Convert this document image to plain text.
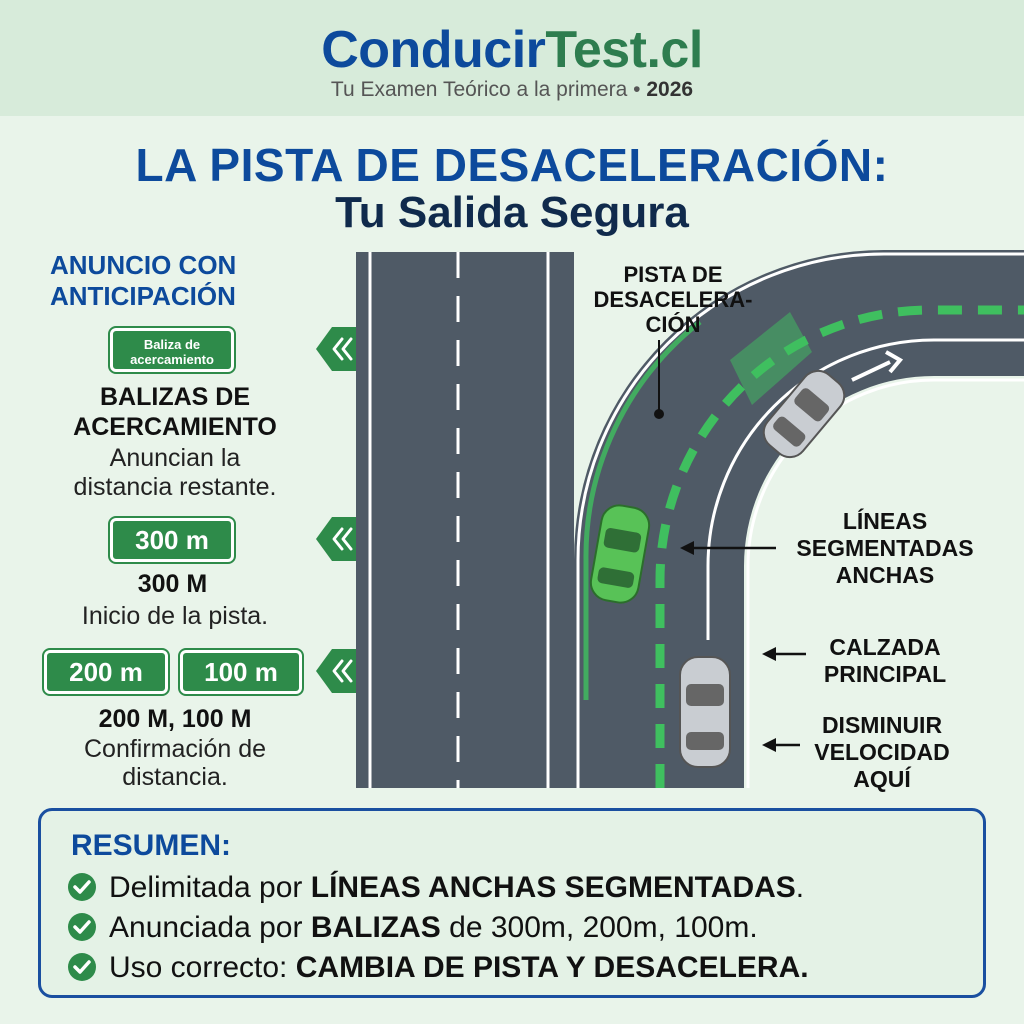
ConducirTest.cl
Tu Examen Teórico a la primera • 2026
LA PISTA DE DESACELERACIÓN:
Tu Salida Segura
ANUNCIO CON
ANTICIPACIÓN
Baliza de
acercamiento
BALIZAS DE
ACERCAMIENTO
Anuncian la
distancia restante.
300 m
300 M
Inicio de la pista.
200 m	100 m
200 M, 100 M
Confirmación de
distancia.
PISTA DE
DESACELERA-
CIÓN
LÍNEAS
SEGMENTADAS
ANCHAS
CALZADA
PRINCIPAL
DISMINUIR
VELOCIDAD
AQUÍ
RESUMEN:
Delimitada por LÍNEAS ANCHAS SEGMENTADAS.
Anunciada por BALIZAS de 300m, 200m, 100m.
Uso correcto: CAMBIA DE PISTA Y DESACELERA.
